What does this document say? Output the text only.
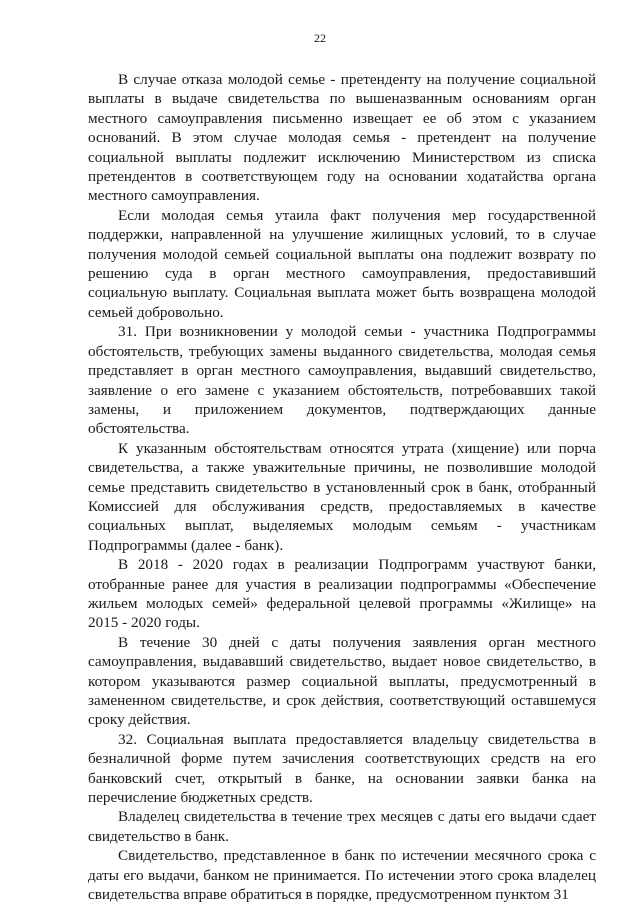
22

В случае отказа молодой семье - претенденту на получение социальной выплаты в выдаче свидетельства по вышеназванным основаниям орган местного самоуправления письменно извещает ее об этом с указанием оснований. В этом случае молодая семья - претендент на получение социальной выплаты подлежит исключению Министерством из списка претендентов в соответствующем году на основании ходатайства органа местного самоуправления.

Если молодая семья утаила факт получения мер государственной поддержки, направленной на улучшение жилищных условий, то в случае получения молодой семьей социальной выплаты она подлежит возврату по решению суда в орган местного самоуправления, предоставивший социальную выплату. Социальная выплата может быть возвращена молодой семьей добровольно.

31. При возникновении у молодой семьи - участника Подпрограммы обстоятельств, требующих замены выданного свидетельства, молодая семья представляет в орган местного самоуправления, выдавший свидетельство, заявление о его замене с указанием обстоятельств, потребовавших такой замены, и приложением документов, подтверждающих данные обстоятельства.

К указанным обстоятельствам относятся утрата (хищение) или порча свидетельства, а также уважительные причины, не позволившие молодой семье представить свидетельство в установленный срок в банк, отобранный Комиссией для обслуживания средств, предоставляемых в качестве социальных выплат, выделяемых молодым семьям - участникам Подпрограммы (далее - банк).

В 2018 - 2020 годах в реализации Подпрограмм участвуют банки, отобранные ранее для участия в реализации подпрограммы «Обеспечение жильем молодых семей» федеральной целевой программы «Жилище» на 2015 - 2020 годы.

В течение 30 дней с даты получения заявления орган местного самоуправления, выдававший свидетельство, выдает новое свидетельство, в котором указываются размер социальной выплаты, предусмотренный в замененном свидетельстве, и срок действия, соответствующий оставшемуся сроку действия.

32. Социальная выплата предоставляется владельцу свидетельства в безналичной форме путем зачисления соответствующих средств на его банковский счет, открытый в банке, на основании заявки банка на перечисление бюджетных средств.

Владелец свидетельства в течение трех месяцев с даты его выдачи сдает свидетельство в банк.

Свидетельство, представленное в банк по истечении месячного срока с даты его выдачи, банком не принимается. По истечении этого срока владелец свидетельства вправе обратиться в порядке, предусмотренном пунктом 31
